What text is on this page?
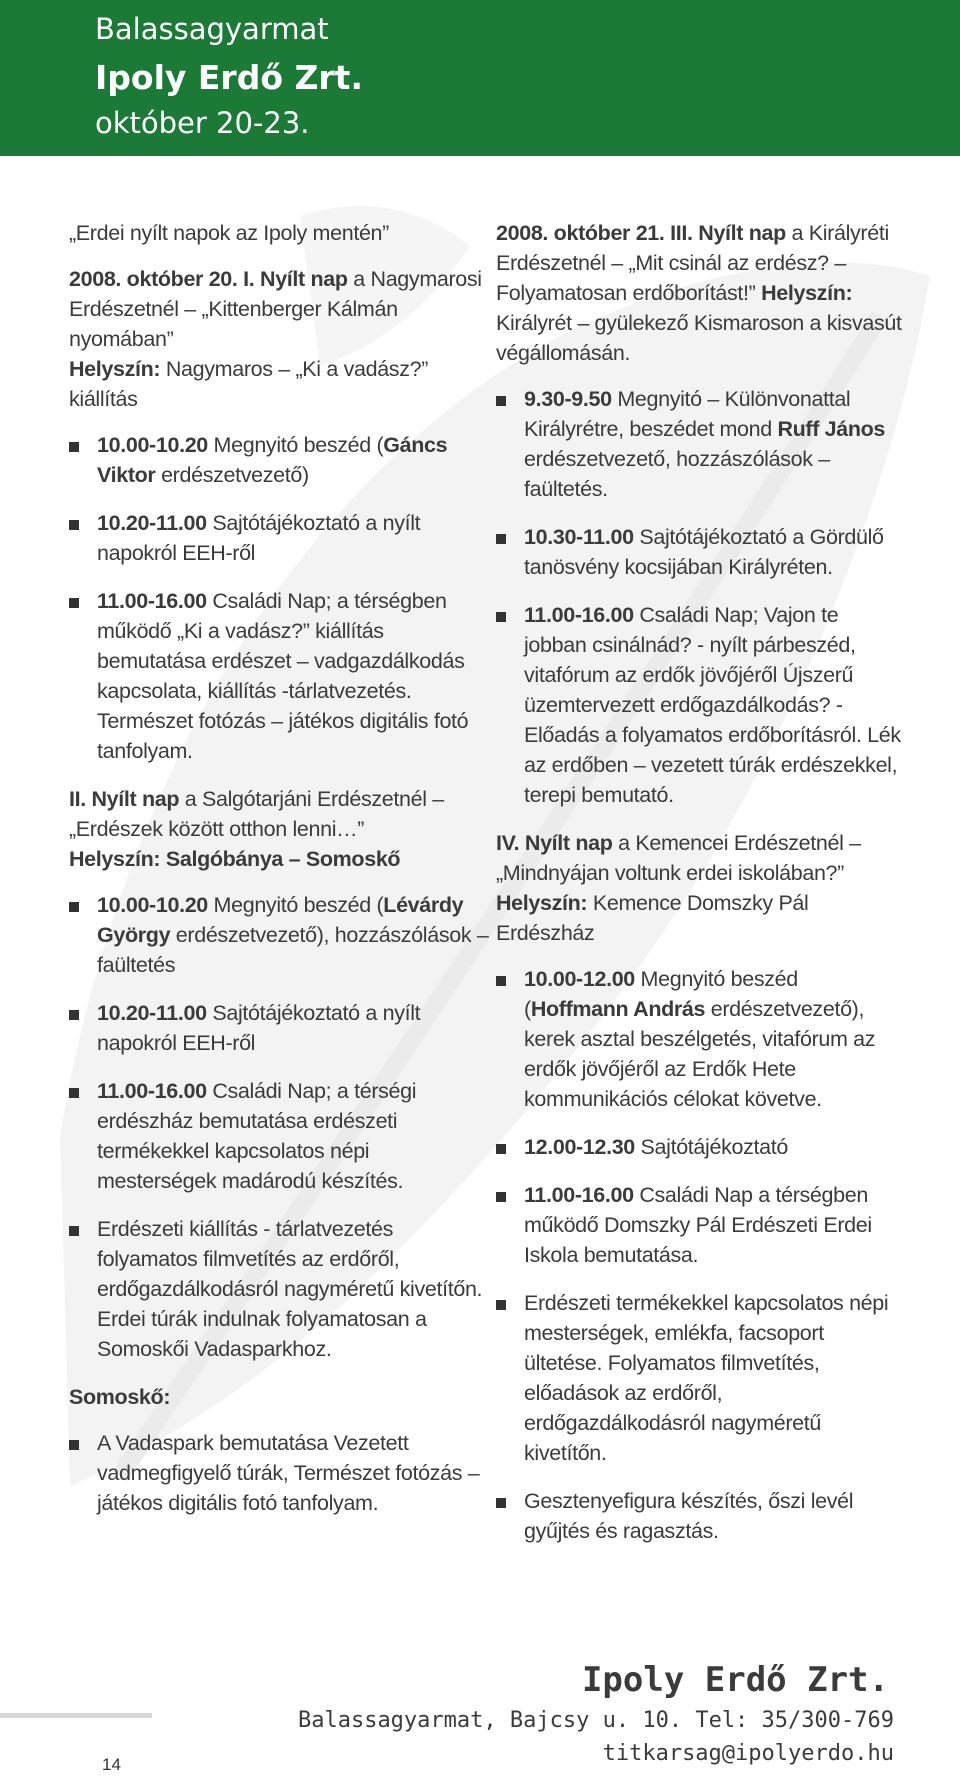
Balassagyarmat
Ipoly Erdő Zrt.
október 20-23.
„Erdei nyílt napok az Ipoly mentén”
2008. október 20. I. Nyílt nap a Nagymarosi Erdészetnél – „Kittenberger Kálmán nyomában”
Helyszín: Nagymaros – „Ki a vadász?” kiállítás
10.00-10.20 Megnyitó beszéd (Gáncs Viktor erdészetvezető)
10.20-11.00 Sajtótájékoztató a nyílt napokról EEH-ről
11.00-16.00 Családi Nap; a térségben működő „Ki a vadász?” kiállítás bemutatása erdészet – vadgazdálkodás kapcsolata, kiállítás -tárlatvezetés. Természet fotózás – játékos digitális fotó tanfolyam.
II. Nyílt nap a Salgótarjáni Erdészetnél – „Erdészek között otthon lenni…”
Helyszín: Salgóbánya – Somoskő
10.00-10.20 Megnyitó beszéd (Lévárdy György erdészetvezető), hozzászólások – faültetés
10.20-11.00 Sajtótájékoztató a nyílt napokról EEH-ről
11.00-16.00 Családi Nap; a térségi erdészház bemutatása erdészeti termékekkel kapcsolatos népi mesterségek madárodú készítés.
Erdészeti kiállítás - tárlatvezetés folyamatos filmvetítés az erdőről, erdőgazdálkodásról nagyméretű kivetítőn. Erdei túrák indulnak folyamatosan a Somoskői Vadasparkhoz.
Somoskő:
A Vadaspark bemutatása Vezetett vadmegfigyelő túrák, Természet fotózás – játékos digitális fotó tanfolyam.
2008. október 21. III. Nyílt nap a Királyréti Erdészetnél – „Mit csinál az erdész? – Folyamatosan erdőborítást!” Helyszín: Királyrét – gyülekező Kismaroson a kisvasút végállomásán.
9.30-9.50 Megnyitó – Különvonattal Királyrétre, beszédet mond Ruff János erdészetvezető, hozzászólások – faültetés.
10.30-11.00 Sajtótájékoztató a Gördülő tanösvény kocsijában Királyréten.
11.00-16.00 Családi Nap; Vajon te jobban csinálnád? - nyílt párbeszéd, vitafórum az erdők jövőjéről Újszerű üzemtervezett erdőgazdálkodás? - Előadás a folyamatos erdőborításról. Lék az erdőben – vezetett túrák erdészekkel, terepi bemutató.
IV. Nyílt nap a Kemencei Erdészetnél – „Mindnyájan voltunk erdei iskolában?” Helyszín: Kemence Domszky Pál Erdészház
10.00-12.00 Megnyitó beszéd (Hoffmann András erdészetvezető), kerek asztal beszélgetés, vitafórum az erdők jövőjéről az Erdők Hete kommunikációs célokat követve.
12.00-12.30 Sajtótájékoztató
11.00-16.00 Családi Nap a térségben működő Domszky Pál Erdészeti Erdei Iskola bemutatása.
Erdészeti termékekkel kapcsolatos népi mesterségek, emlékfa, facsoport ültetése. Folyamatos filmvetítés, előadások az erdőről, erdőgazdálkodásról nagyméretű kivetítőn.
Gesztenyefigura készítés, őszi levél gyűjtés és ragasztás.
Ipoly Erdő Zrt.
Balassagyarmat, Bajcsy u. 10. Tel: 35/300-769
titkarsag@ipolyerdo.hu
14
